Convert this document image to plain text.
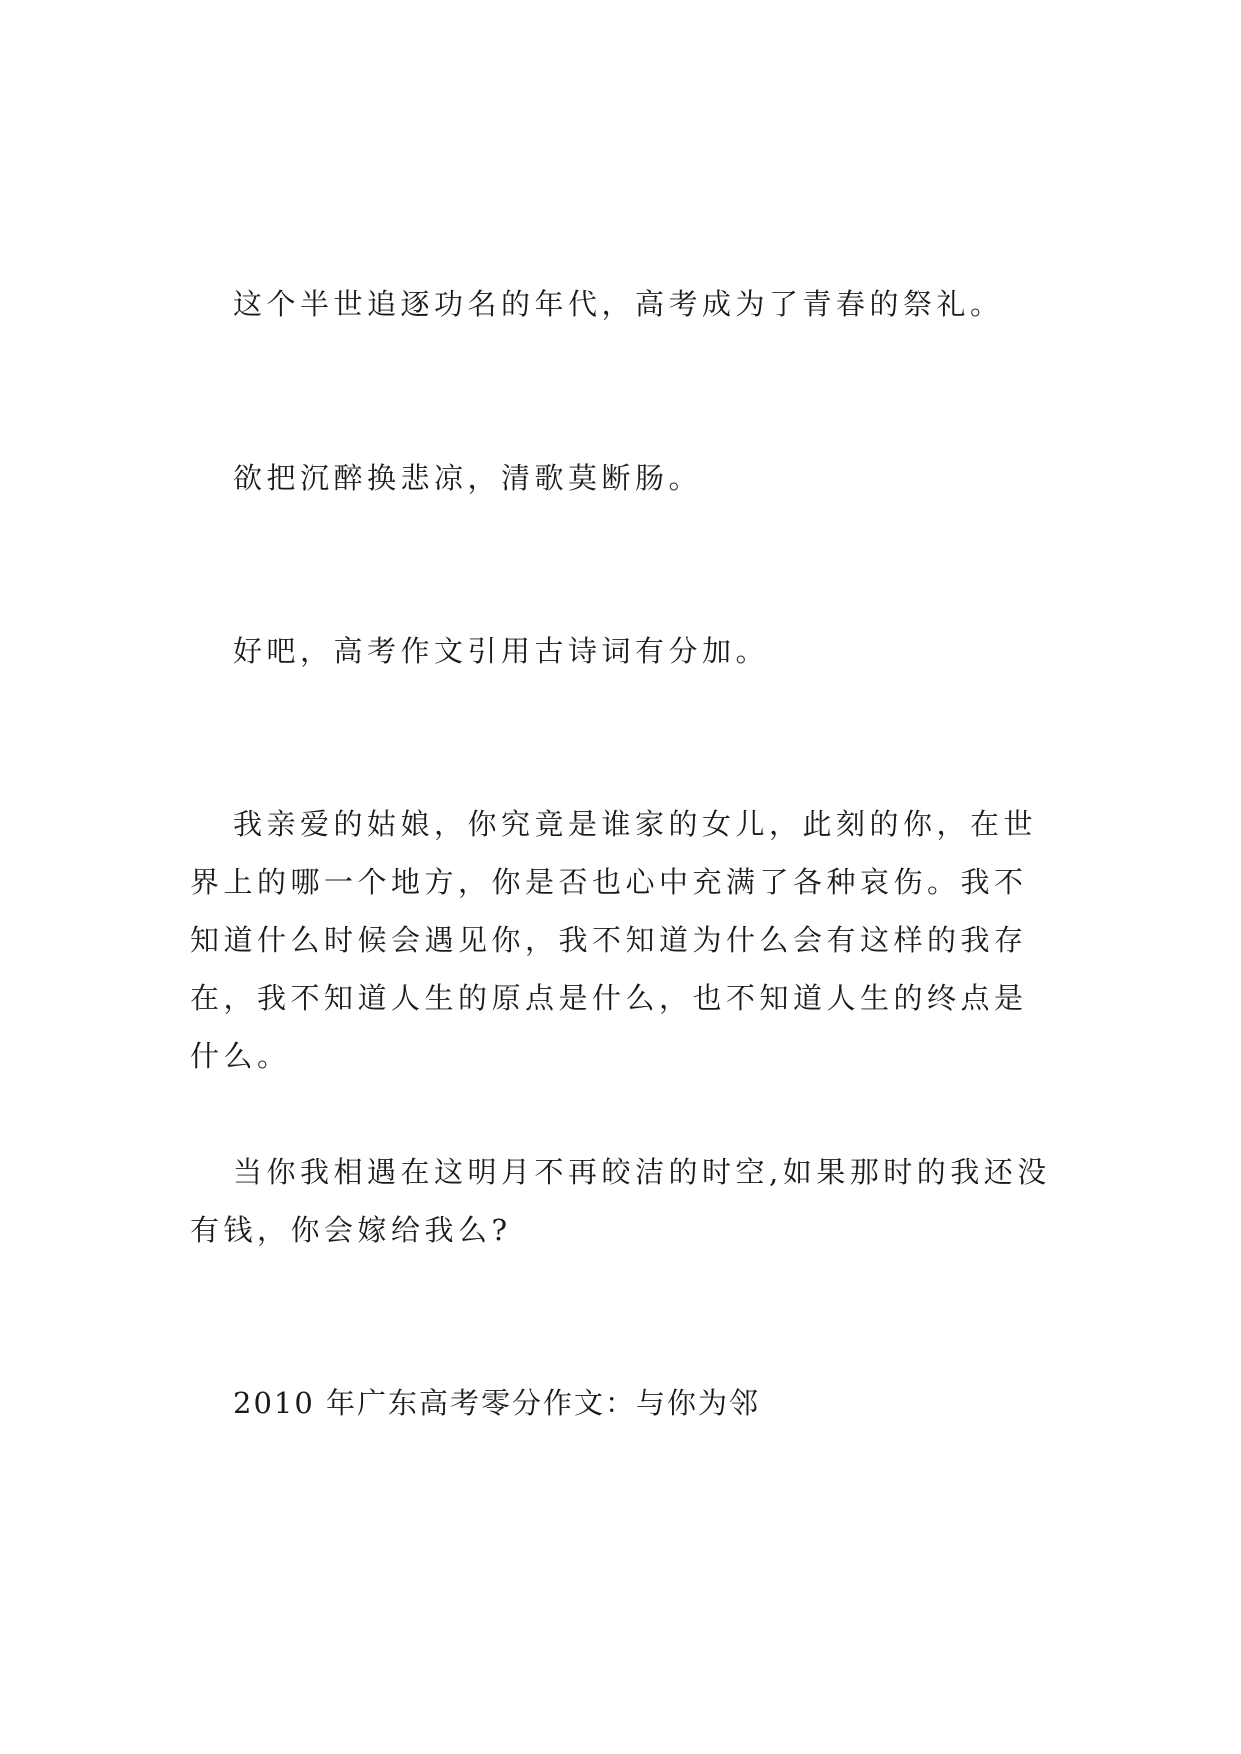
这个半世追逐功名的年代，高考成为了青春的祭礼。

欲把沉醉换悲凉，清歌莫断肠。

好吧，高考作文引用古诗词有分加。

我亲爱的姑娘，你究竟是谁家的女儿，此刻的你，在世界上的哪一个地方，你是否也心中充满了各种哀伤。我不知道什么时候会遇见你，我不知道为什么会有这样的我存在，我不知道人生的原点是什么，也不知道人生的终点是什么。

当你我相遇在这明月不再皎洁的时空,如果那时的我还没有钱，你会嫁给我么?

2010 年广东高考零分作文：与你为邻
